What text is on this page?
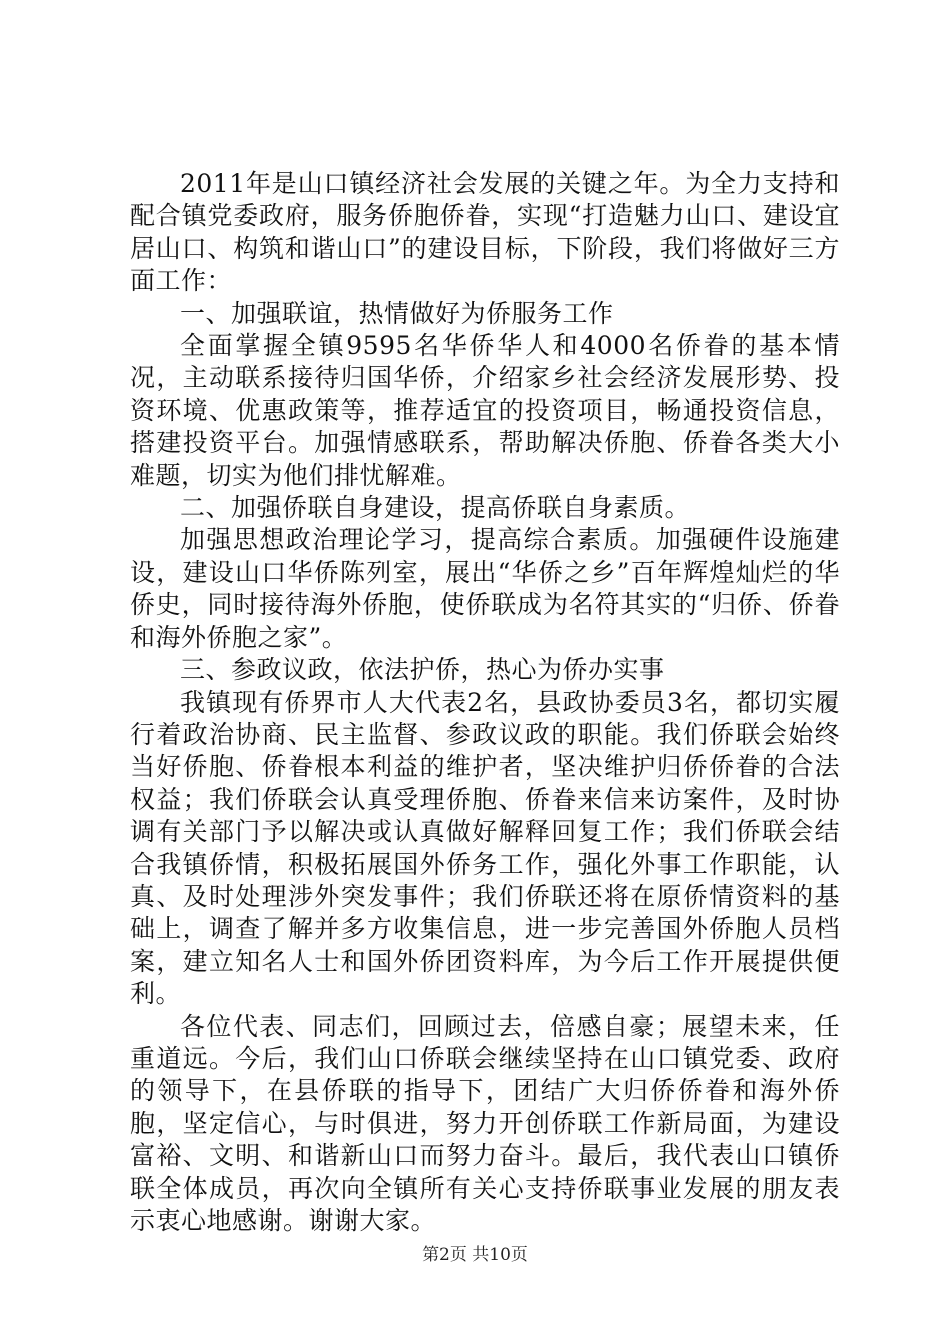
2011年是山口镇经济社会发展的关键之年。为全力支持和配合镇党委政府，服务侨胞侨眷，实现“打造魅力山口、建设宜居山口、构筑和谐山口”的建设目标，下阶段，我们将做好三方面工作：

一、加强联谊，热情做好为侨服务工作

全面掌握全镇9595名华侨华人和4000名侨眷的基本情况，主动联系接待归国华侨，介绍家乡社会经济发展形势、投资环境、优惠政策等，推荐适宜的投资项目，畅通投资信息，搭建投资平台。加强情感联系，帮助解决侨胞、侨眷各类大小难题，切实为他们排忧解难。

二、加强侨联自身建设，提高侨联自身素质。

加强思想政治理论学习，提高综合素质。加强硬件设施建设，建设山口华侨陈列室，展出“华侨之乡”百年辉煌灿烂的华侨史，同时接待海外侨胞，使侨联成为名符其实的“归侨、侨眷和海外侨胞之家”。

三、参政议政，依法护侨，热心为侨办实事

我镇现有侨界市人大代表2名，县政协委员3名，都切实履行着政治协商、民主监督、参政议政的职能。我们侨联会始终当好侨胞、侨眷根本利益的维护者，坚决维护归侨侨眷的合法权益；我们侨联会认真受理侨胞、侨眷来信来访案件，及时协调有关部门予以解决或认真做好解释回复工作；我们侨联会结合我镇侨情，积极拓展国外侨务工作，强化外事工作职能，认真、及时处理涉外突发事件；我们侨联还将在原侨情资料的基础上，调查了解并多方收集信息，进一步完善国外侨胞人员档案，建立知名人士和国外侨团资料库，为今后工作开展提供便利。

各位代表、同志们，回顾过去，倍感自豪；展望未来，任重道远。今后，我们山口侨联会继续坚持在山口镇党委、政府的领导下，在县侨联的指导下，团结广大归侨侨眷和海外侨胞，坚定信心，与时俱进，努力开创侨联工作新局面，为建设富裕、文明、和谐新山口而努力奋斗。最后，我代表山口镇侨联全体成员，再次向全镇所有关心支持侨联事业发展的朋友表示衷心地感谢。谢谢大家。

第2页 共10页
